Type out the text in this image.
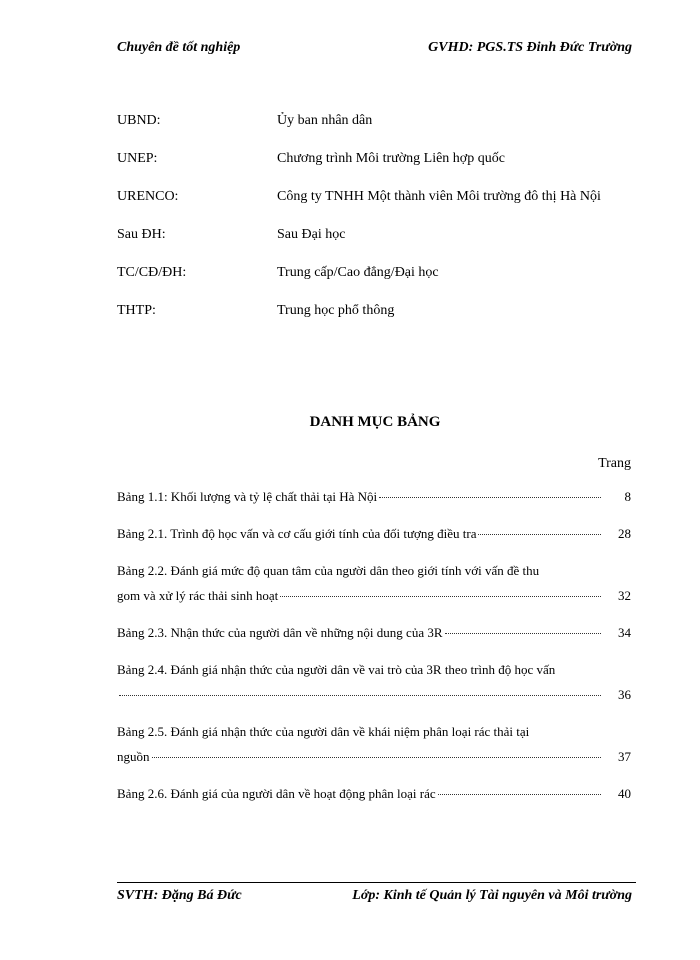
Chuyên đề tốt nghiệp	GVHD: PGS.TS Đinh Đức Trường
UBND:	Ủy ban nhân dân
UNEP:	Chương trình Môi trường Liên hợp quốc
URENCO:	Công ty TNHH Một thành viên Môi trường đô thị Hà Nội
Sau ĐH:	Sau Đại học
TC/CĐ/ĐH:	Trung cấp/Cao đẳng/Đại học
THTP:	Trung học phổ thông
DANH MỤC BẢNG
Trang
Bảng 1.1: Khối lượng và tỷ lệ chất thải tại Hà Nội	8
Bảng 2.1. Trình độ học vấn và cơ cấu giới tính của đối tượng điều tra	28
Bảng 2.2. Đánh giá mức độ quan tâm của người dân theo giới tính với vấn đề thu
gom và xử lý rác thải sinh hoạt	32
Bảng 2.3. Nhận thức của người dân về những nội dung của 3R	34
Bảng 2.4. Đánh giá nhận thức của người dân về vai trò của 3R theo trình độ học vấn
36
Bảng 2.5. Đánh giá nhận thức của người dân về khái niệm phân loại rác thải tại
nguồn	37
Bảng 2.6. Đánh giá của người dân về hoạt động phân loại rác	40
SVTH: Đặng Bá Đức	Lớp: Kinh tế Quản lý Tài nguyên và Môi trường
